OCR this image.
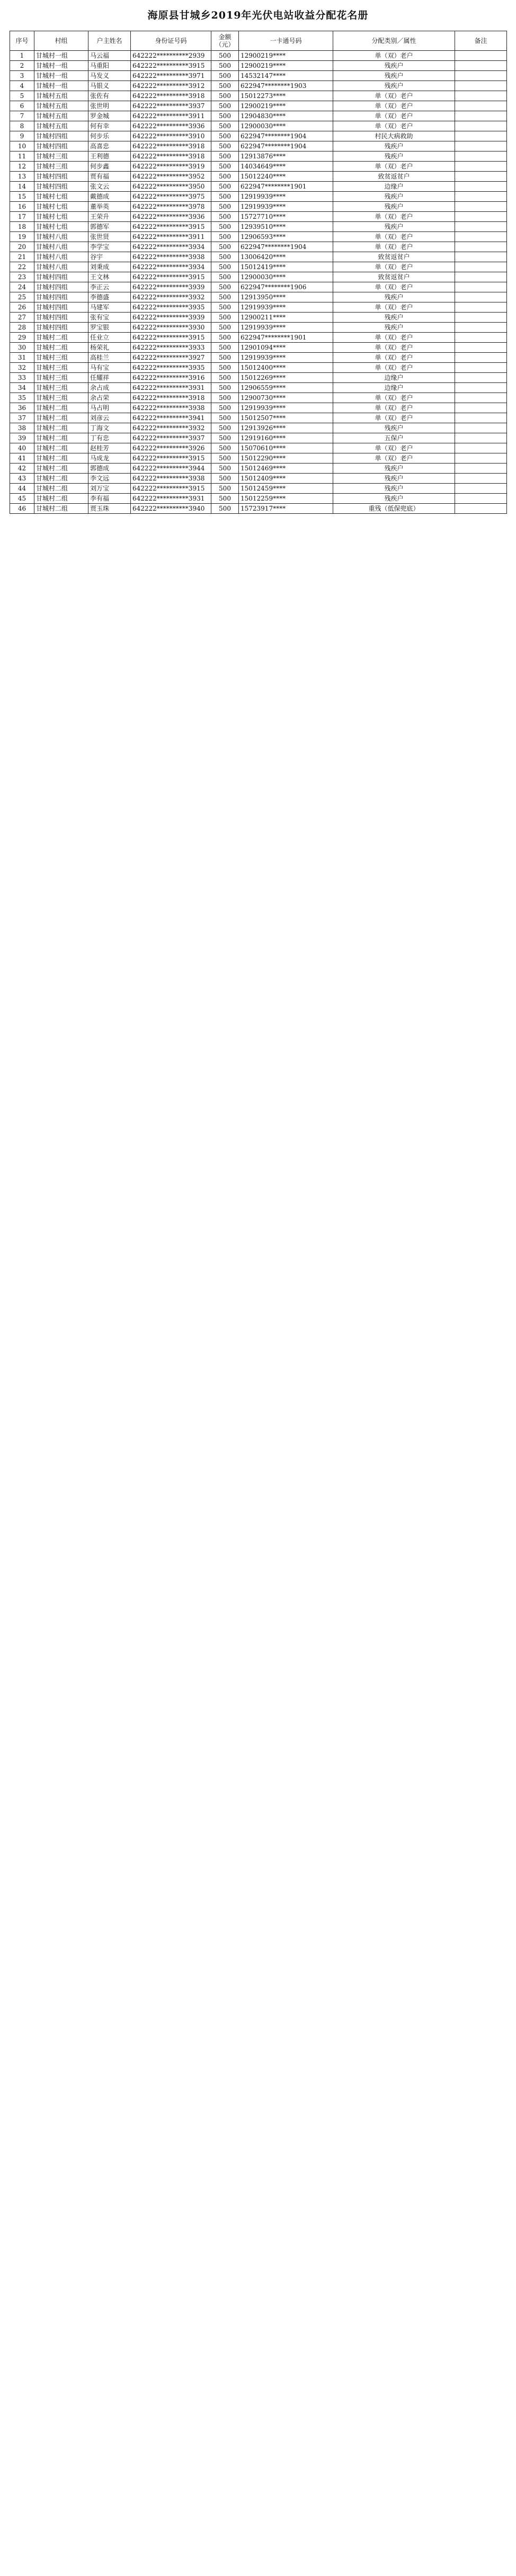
海原县甘城乡2019年光伏电站收益分配花名册
序号	村组	户主姓名	身份证号码	金额（元）	一卡通号码	分配类别／属性	备注
1	甘城村一组	马云福	642222**********2939	500	12900219****	单（双）老户	
2	甘城村一组	马重阳	642222**********3915	500	12900219****	残疾户	
3	甘城村一组	马发义	642222**********3971	500	14532147****	残疾户	
4	甘城村一组	马银义	642222**********3912	500	622947********1903	残疾户	
5	甘城村五组	张佐有	642222**********3918	500	15012273****	单（双）老户	
6	甘城村五组	张世明	642222**********3937	500	12900219****	单（双）老户	
7	甘城村五组	罗金城	642222**********3911	500	12904830****	单（双）老户	
8	甘城村五组	何有幸	642222**********3936	500	12900030****	单（双）老户	
9	甘城村四组	何步乐	642222**********3910	500	622947********1904	村民大病救助	
10	甘城村四组	高喜忠	642222**********3918	500	622947********1904	残疾户	
11	甘城村三组	王利德	642222**********3918	500	12913876****	残疾户	
12	甘城村三组	何步鑫	642222**********3919	500	14034649****	单（双）老户	
13	甘城村四组	贾有福	642222**********3952	500	15012240****	致贫返贫户	
14	甘城村四组	张文云	642222**********3950	500	622947********1901	边缘户	
15	甘城村七组	戴德成	642222**********3975	500	12919939****	残疾户	
16	甘城村七组	董举英	642222**********3978	500	12919939****	残疾户	
17	甘城村七组	王荣升	642222**********3936	500	15727710****	单（双）老户	
18	甘城村七组	郭德军	642222**********3915	500	12939510****	残疾户	
19	甘城村八组	张世贤	642222**********3911	500	12906593****	单（双）老户	
20	甘城村八组	李学宝	642222**********3934	500	622947********1904	单（双）老户	
21	甘城村八组	谷宇	642222**********3938	500	13006420****	致贫返贫户	
22	甘城村八组	刘秉成	642222**********3934	500	15012419****	单（双）老户	
23	甘城村四组	王文林	642222**********3915	500	12900030****	致贫返贫户	
24	甘城村四组	李正云	642222**********3939	500	622947********1906	单（双）老户	
25	甘城村四组	李德盛	642222**********3932	500	12913950****	残疾户	
26	甘城村四组	马建军	642222**********3935	500	12919939****	单（双）老户	
27	甘城村四组	张有宝	642222**********3939	500	12900211****	残疾户	
28	甘城村四组	罗宝银	642222**********3930	500	12919939****	残疾户	
29	甘城村二组	任业立	642222**********3915	500	622947********1901	单（双）老户	
30	甘城村二组	杨荣礼	642222**********3933	500	12901094****	单（双）老户	
31	甘城村三组	高桂兰	642222**********3927	500	12919939****	单（双）老户	
32	甘城村三组	马有宝	642222**********3935	500	15012400****	单（双）老户	
33	甘城村三组	任耀祥	642222**********3916	500	15012269****	边缘户	
34	甘城村三组	余占成	642222**********3931	500	12906559****	边缘户	
35	甘城村三组	余占荣	642222**********3918	500	12900730****	单（双）老户	
36	甘城村二组	马占明	642222**********3938	500	12919939****	单（双）老户	
37	甘城村二组	刘彦云	642222**********3941	500	15012507****	单（双）老户	
38	甘城村二组	丁海文	642222**********3932	500	12913926****	残疾户	
39	甘城村二组	丁有忠	642222**********3937	500	12919160****	五保户	
40	甘城村二组	赵桂芳	642222**********3926	500	15070610****	单（双）老户	
41	甘城村二组	马成龙	642222**********3915	500	15012290****	单（双）老户	
42	甘城村二组	郭德成	642222**********3944	500	15012469****	残疾户	
43	甘城村二组	李文远	642222**********3938	500	15012409****	残疾户	
44	甘城村二组	刘万宝	642222**********3915	500	15012459****	残疾户	
45	甘城村二组	李有福	642222**********3931	500	15012259****	残疾户	
46	甘城村二组	贾玉珠	642222**********3940	500	15723917****	重残（低保兜底）	
